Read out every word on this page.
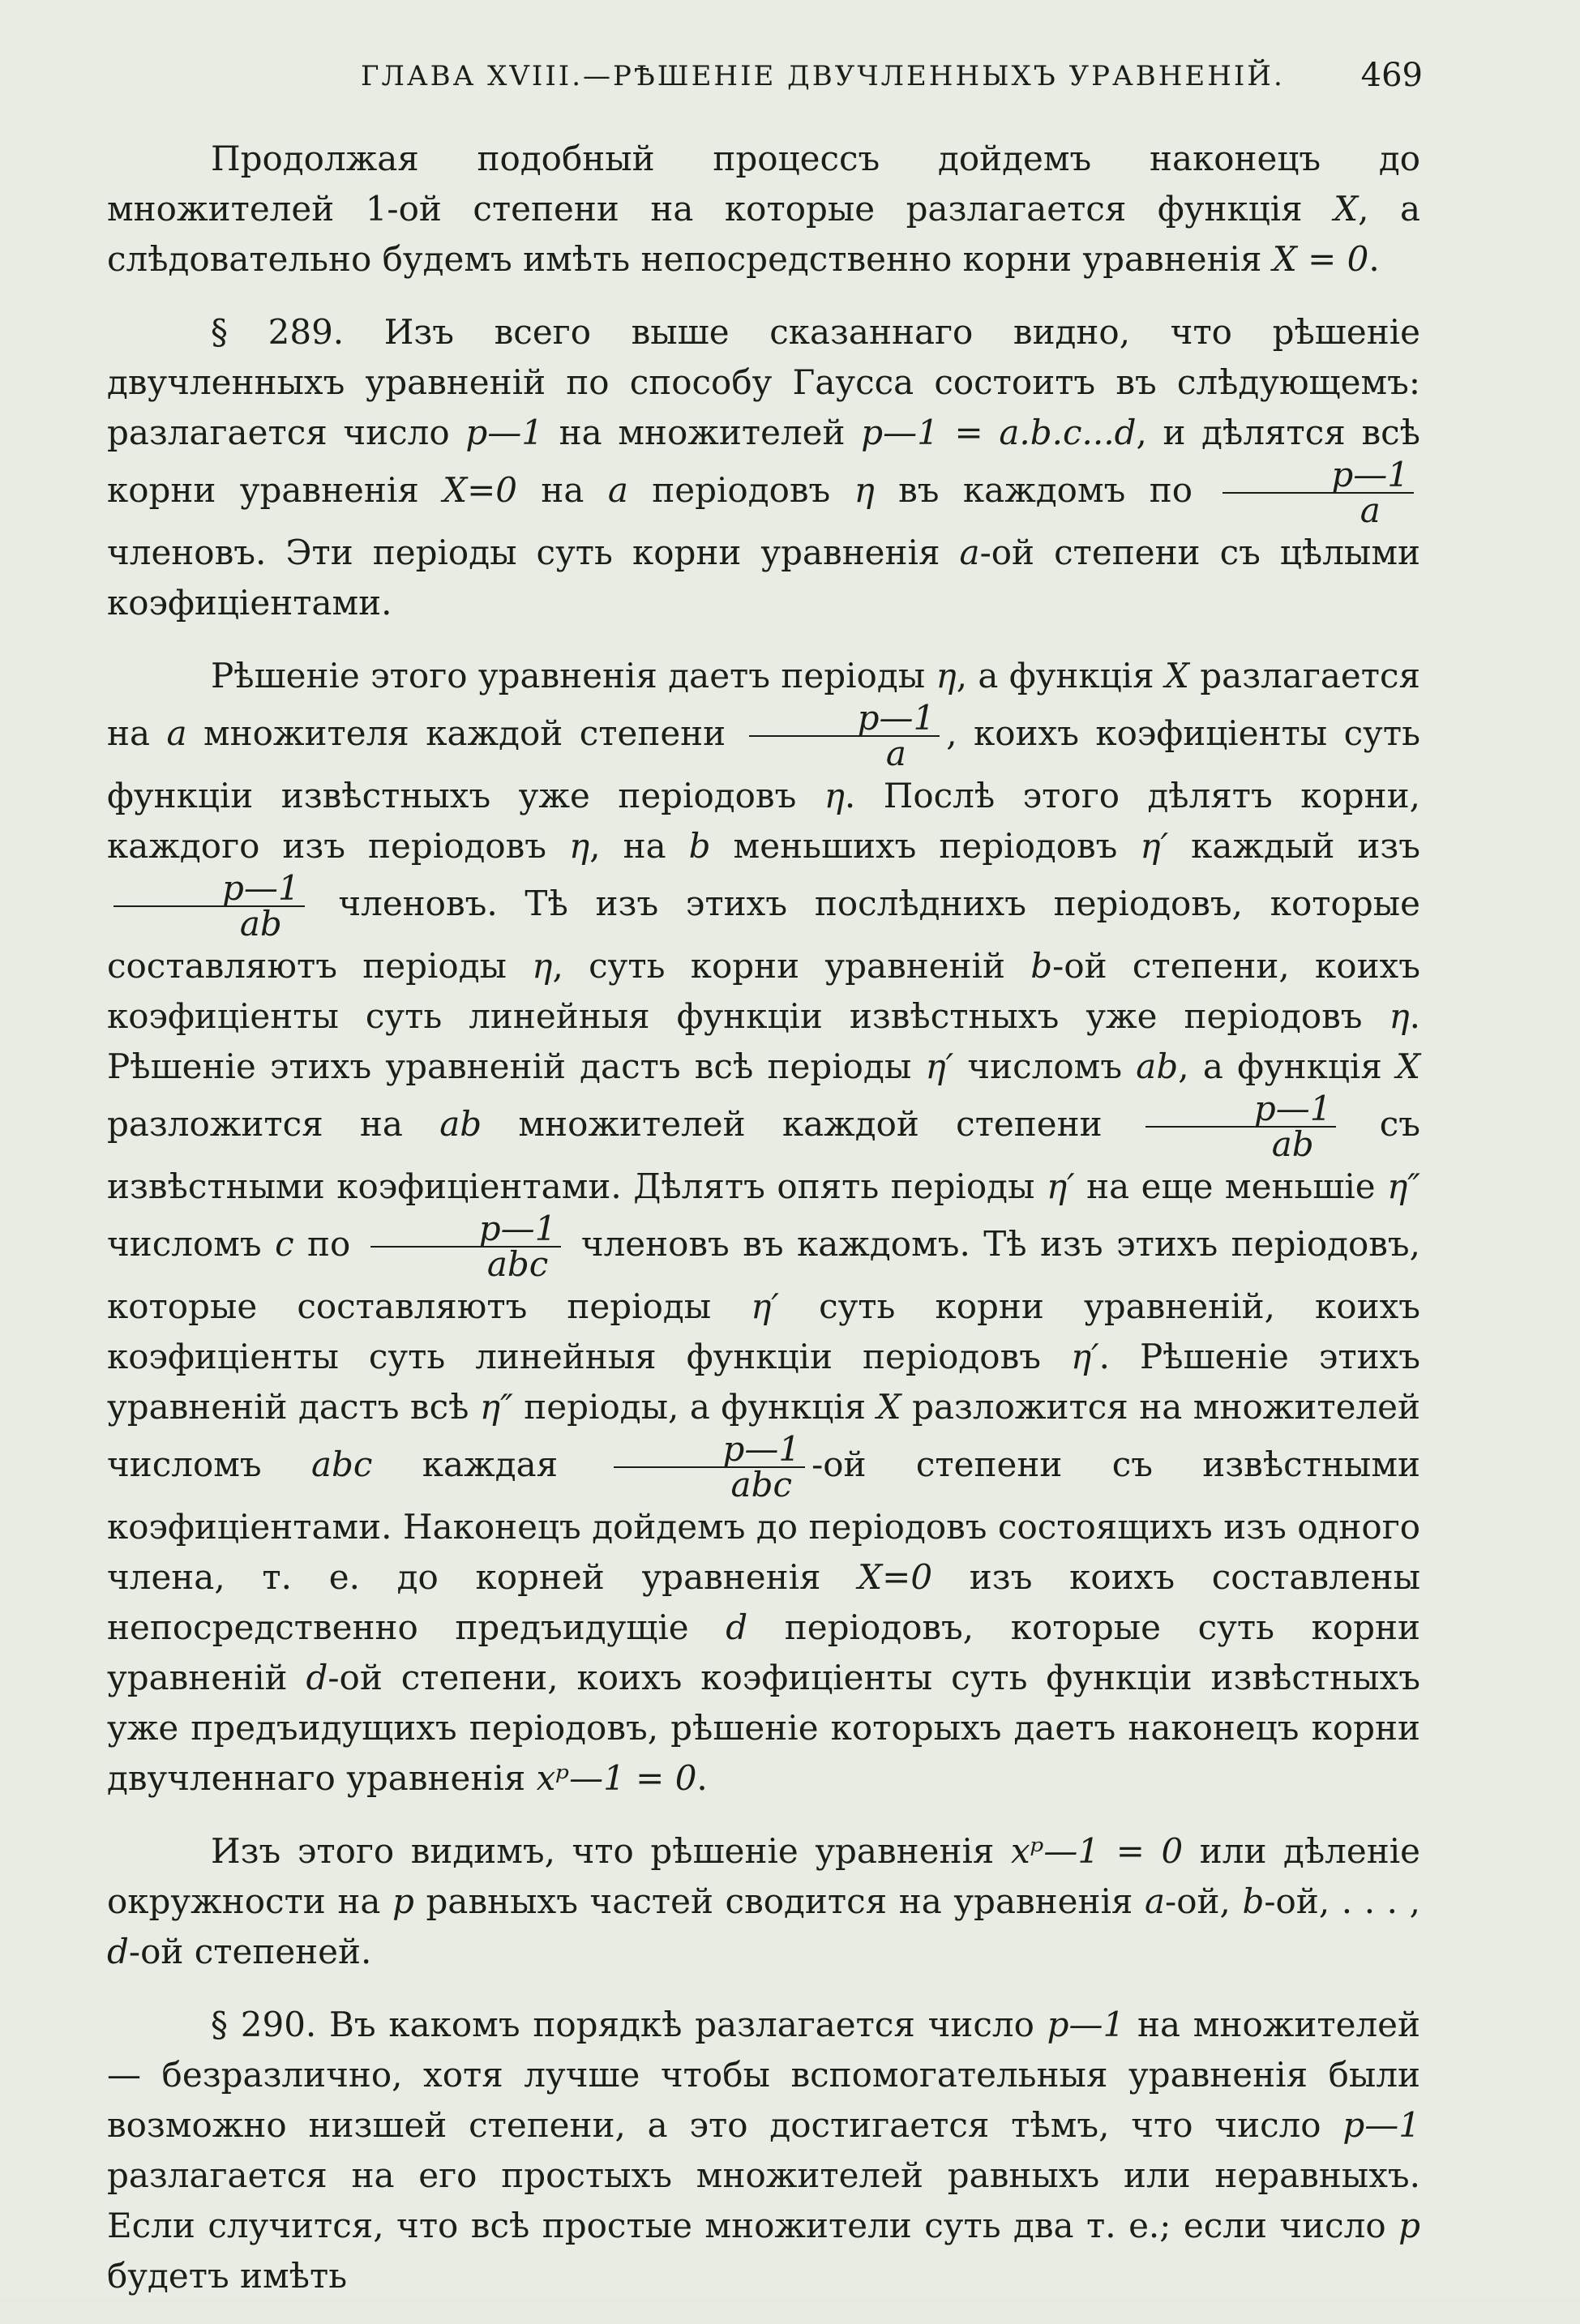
ГЛАВА XVIII.—РѢШЕНІЕ ДВУЧЛЕННЫХЪ УРАВНЕНІЙ. 469

Продолжая подобный процессъ дойдемъ наконецъ до множителей 1-ой степени на которые разлагается функція X, а слѣдовательно будемъ имѣть непосредственно корни уравненія X = 0.

§ 289. Изъ всего выше сказаннаго видно, что рѣшеніе двучленныхъ уравненій по способу Гаусса состоитъ въ слѣдующемъ: разлагается число p—1 на множителей p—1 = a.b.c...d, и дѣлятся всѣ корни уравненія X=0 на a періодовъ η въ каждомъ по $\frac{p—1}{a}$
членовъ. Эти періоды суть корни уравненія a-ой степени съ цѣлыми коэфиціентами.

Рѣшеніе этого уравненія даетъ періоды η, а функція X разлагается на a множителя каждой степени $\frac{p—1}{a}$ , коихъ коэфиціенты суть функціи извѣстныхъ уже періодовъ η. Послѣ этого дѣлятъ корни, каждого изъ періодовъ η, на b меньшихъ періодовъ η′ каждый изъ
$\frac{p—1}{ab}$ членовъ. Тѣ изъ этихъ послѣднихъ періодовъ, которые составляютъ періоды η, суть корни уравненій b-ой степени, коихъ коэфиціенты суть линейныя функціи извѣстныхъ уже періодовъ η. Рѣшеніе этихъ уравненій дастъ всѣ періоды η′ числомъ ab, а функція X разложится на ab множителей каждой степени $\frac{p—1}{ab}$ съ извѣстными коэфиціентами. Дѣлятъ опять періоды η′ на еще меньшіе η″ числомъ c по $\frac{p—1}{\text{abc}}$ членовъ въ каждомъ. Тѣ изъ этихъ періодовъ, которые составляютъ періоды η′ суть корни уравненій, коихъ коэфиціенты суть линейныя функціи періодовъ η′. Рѣшеніе этихъ уравненій дастъ всѣ η″ періоды, а функція X разложится на множителей числомъ abc каждая $\frac{p—1}{\text{abc}} -ой$ степени съ извѣстными коэфиціентами. Наконецъ дойдемъ до періодовъ состоящихъ изъ одного члена, т. е. до корней уравненія X=0 изъ коихъ составлены непосредственно предъидущіе d періодовъ, которые суть корни уравненій d-ой степени, коихъ коэфиціенты суть функціи извѣстныхъ уже предъидущихъ періодовъ, рѣшеніе которыхъ даетъ наконецъ корни двучленнаго уравненія xᵖ—1 = 0.

Изъ этого видимъ, что рѣшеніе уравненія xᵖ—1 = 0 или дѣленіе окружности на p равныхъ частей сводится на уравненія a-ой, b-ой, . . . , d-ой степеней.

§ 290. Въ какомъ порядкѣ разлагается число p—1 на множителей — безразлично, хотя лучше чтобы вспомогательныя уравненія были возможно низшей степени, а это достигается тѣмъ, что число p—1 разлагается на его простыхъ множителей равныхъ или неравныхъ. Если случится, что всѣ простые множители суть два т. е.; если число p будетъ имѣть
